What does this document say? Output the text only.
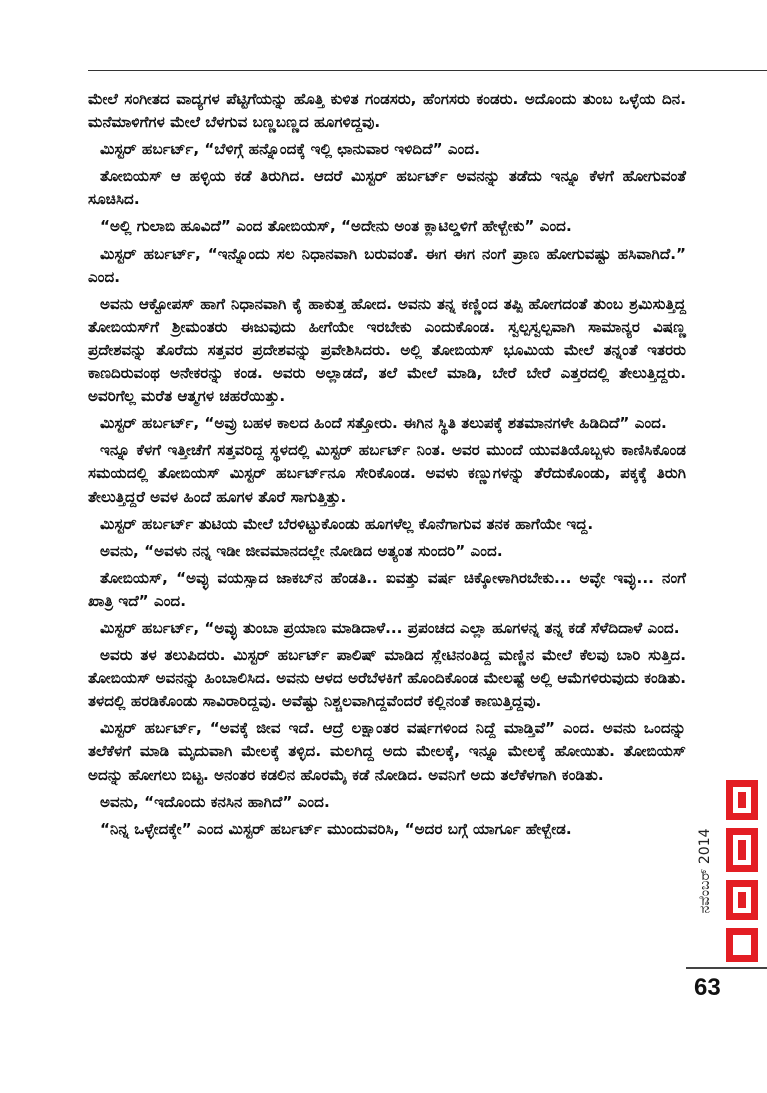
ಮೇಲೆ ಸಂಗೀತದ ವಾದ್ಯಗಳ ಪೆಟ್ಟಿಗೆಯನ್ನು ಹೊತ್ತಿ ಕುಳಿತ ಗಂಡಸರು, ಹೆಂಗಸರು ಕಂಡರು. ಅದೊಂದು ತುಂಬ ಒಳ್ಳೆಯ ದಿನ. ಮನೆಮಾಳಿಗೆಗಳ ಮೇಲೆ ಬೆಳಗುವ ಬಣ್ಣಬಣ್ಣದ ಹೂಗಳಿದ್ದವು.

ಮಿಸ್ಟರ್ ಹರ್ಬರ್ಟ್, “ಬೆಳಿಗ್ಗೆ ಹನ್ನೊಂದಕ್ಕೆ ಇಲ್ಲಿ ಛಾನುವಾರ ಇಳಿದಿದೆ” ಎಂದ.

ತೋಬಿಯಸ್ ಆ ಹಳ್ಳಿಯ ಕಡೆ ತಿರುಗಿದ. ಆದರೆ ಮಿಸ್ಟರ್ ಹರ್ಬರ್ಟ್ ಅವನನ್ನು ತಡೆದು ಇನ್ನೂ ಕೆಳಗೆ ಹೋಗುವಂತೆ ಸೂಚಿಸಿದ.

“ಅಲ್ಲಿ ಗುಲಾಬಿ ಹೂವಿದೆ” ಎಂದ ತೋಬಿಯಸ್, “ಅದೇನು ಅಂತ ಕ್ಲಾಟಿಲ್ಡಳಿಗೆ ಹೇಳ್ಬೇಕು” ಎಂದ.

ಮಿಸ್ಟರ್ ಹರ್ಬರ್ಟ್, “ಇನ್ನೊಂದು ಸಲ ನಿಧಾನವಾಗಿ ಬರುವಂತೆ. ಈಗ ಈಗ ನಂಗೆ ಪ್ರಾಣ ಹೋಗುವಷ್ಟು ಹಸಿವಾಗಿದೆ.” ಎಂದ.

ಅವನು ಆಕ್ಟೋಪಸ್ ಹಾಗೆ ನಿಧಾನವಾಗಿ ಕೈ ಹಾಕುತ್ತ ಹೋದ. ಅವನು ತನ್ನ ಕಣ್ಣಿಂದ ತಪ್ಪಿ ಹೋಗದಂತೆ ತುಂಬ ಶ್ರಮಿಸುತ್ತಿದ್ದ ತೋಬಿಯಸ್‌ಗೆ ಶ್ರೀಮಂತರು ಈಜುವುದು ಹೀಗೆಯೇ ಇರಬೇಕು ಎಂದುಕೊಂಡ. ಸ್ವಲ್ಪಸ್ವಲ್ಪವಾಗಿ ಸಾಮಾನ್ಯರ ವಿಷಣ್ಣ ಪ್ರದೇಶವನ್ನು ತೊರೆದು ಸತ್ತವರ ಪ್ರದೇಶವನ್ನು ಪ್ರವೇಶಿಸಿದರು. ಅಲ್ಲಿ ತೋಬಿಯಸ್ ಭೂಮಿಯ ಮೇಲೆ ತನ್ನಂತೆ ಇತರರು ಕಾಣದಿರುವಂಥ ಅನೇಕರನ್ನು ಕಂಡ. ಅವರು ಅಲ್ಲಾಡದೆ, ತಲೆ ಮೇಲೆ ಮಾಡಿ, ಬೇರೆ ಬೇರೆ ಎತ್ತರದಲ್ಲಿ ತೇಲುತ್ತಿದ್ದರು. ಅವರಿಗೆಲ್ಲ ಮರೆತ ಆತ್ಮಗಳ ಚಹರೆಯಿತ್ತು.

ಮಿಸ್ಟರ್ ಹರ್ಬರ್ಟ್, “ಅವ್ರು ಬಹಳ ಕಾಲದ ಹಿಂದೆ ಸತ್ತೋರು. ಈಗಿನ ಸ್ಥಿತಿ ತಲುಪಕ್ಕೆ ಶತಮಾನಗಳೇ ಹಿಡಿದಿದೆ” ಎಂದ.

ಇನ್ನೂ ಕೆಳಗೆ ಇತ್ತೀಚೆಗೆ ಸತ್ತವರಿದ್ದ ಸ್ಥಳದಲ್ಲಿ ಮಿಸ್ಟರ್ ಹರ್ಬರ್ಟ್ ನಿಂತ. ಅವರ ಮುಂದೆ ಯುವತಿಯೊಬ್ಬಳು ಕಾಣಿಸಿಕೊಂಡ ಸಮಯದಲ್ಲಿ ತೋಬಿಯಸ್ ಮಿಸ್ಟರ್ ಹರ್ಬರ್ಟ್‌ನೂ ಸೇರಿಕೊಂಡ. ಅವಳು ಕಣ್ಣುಗಳನ್ನು ತೆರೆದುಕೊಂಡು, ಪಕ್ಕಕ್ಕೆ ತಿರುಗಿ ತೇಲುತ್ತಿದ್ದರೆ ಅವಳ ಹಿಂದೆ ಹೂಗಳ ತೊರೆ ಸಾಗುತ್ತಿತ್ತು.

ಮಿಸ್ಟರ್ ಹರ್ಬರ್ಟ್ ತುಟಿಯ ಮೇಲೆ ಬೆರಳಿಟ್ಟುಕೊಂಡು ಹೂಗಳೆಲ್ಲ ಕೊನೆಗಾಗುವ ತನಕ ಹಾಗೆಯೇ ಇದ್ದ.

ಅವನು, “ಅವಳು ನನ್ನ ಇಡೀ ಜೀವಮಾನದಲ್ಲೇ ನೋಡಿದ ಅತ್ಯಂತ ಸುಂದರಿ” ಎಂದ.

ತೋಬಿಯಸ್, “ಅವ್ಳು ವಯಸ್ಸಾದ ಜಾಕಬ್‌ನ ಹೆಂಡತಿ.. ಐವತ್ತು ವರ್ಷ ಚಿಕ್ಕೋಳಾಗಿರಬೇಕು... ಅವ್ಳೇ ಇವ್ಳು... ನಂಗೆ ಖಾತ್ರಿ ಇದೆ” ಎಂದ.

ಮಿಸ್ಟರ್ ಹರ್ಬರ್ಟ್, “ಅವ್ಳು ತುಂಬಾ ಪ್ರಯಾಣ ಮಾಡಿದಾಳೆ... ಪ್ರಪಂಚದ ಎಲ್ಲಾ ಹೂಗಳನ್ನ ತನ್ನ ಕಡೆ ಸೆಳೆದಿದಾಳೆ ಎಂದ.

ಅವರು ತಳ ತಲುಪಿದರು. ಮಿಸ್ಟರ್ ಹರ್ಬರ್ಟ್ ಪಾಲಿಷ್ ಮಾಡಿದ ಸ್ಲೇಟಿನಂತಿದ್ದ ಮಣ್ಣಿನ ಮೇಲೆ ಕೆಲವು ಬಾರಿ ಸುತ್ತಿದ. ತೋಬಿಯಸ್ ಅವನನ್ನು ಹಿಂಬಾಲಿಸಿದ. ಅವನು ಆಳದ ಅರೆಬೆಳಕಿಗೆ ಹೊಂದಿಕೊಂಡ ಮೇಲಷ್ಟೆ ಅಲ್ಲಿ ಆಮೆಗಳಿರುವುದು ಕಂಡಿತು. ತಳದಲ್ಲಿ ಹರಡಿಕೊಂಡು ಸಾವಿರಾರಿದ್ದವು. ಅವೆಷ್ಟು ನಿಶ್ಚಲವಾಗಿದ್ದವೆಂದರೆ ಕಲ್ಲಿನಂತೆ ಕಾಣುತ್ತಿದ್ದವು.

ಮಿಸ್ಟರ್ ಹರ್ಬರ್ಟ್, “ಅವಕ್ಕೆ ಜೀವ ಇದೆ. ಆದ್ರೆ ಲಕ್ಷಾಂತರ ವರ್ಷಗಳಿಂದ ನಿದ್ದೆ ಮಾಡ್ತಿವೆ” ಎಂದ. ಅವನು ಒಂದನ್ನು ತಲೆಕೆಳಗೆ ಮಾಡಿ ಮೃದುವಾಗಿ ಮೇಲಕ್ಕೆ ತಳ್ಳಿದ. ಮಲಗಿದ್ದ ಅದು ಮೇಲಕ್ಕೆ, ಇನ್ನೂ ಮೇಲಕ್ಕೆ ಹೋಯಿತು. ತೋಬಿಯಸ್ ಅದನ್ನು ಹೋಗಲು ಬಿಟ್ಟ. ಅನಂತರ ಕಡಲಿನ ಹೊರಮೈ ಕಡೆ ನೋಡಿದ. ಅವನಿಗೆ ಅದು ತಲೆಕೆಳಗಾಗಿ ಕಂಡಿತು.

ಅವನು, “ಇದೊಂದು ಕನಸಿನ ಹಾಗಿದೆ” ಎಂದ.

“ನಿನ್ನ ಒಳ್ಳೇದಕ್ಕೇ” ಎಂದ ಮಿಸ್ಟರ್ ಹರ್ಬರ್ಟ್ ಮುಂದುವರಿಸಿ, “ಅದರ ಬಗ್ಗೆ ಯಾರ್ಗೂ ಹೇಳ್ಬೇಡ.	ನವೆಂಬರ್ 2014
63
